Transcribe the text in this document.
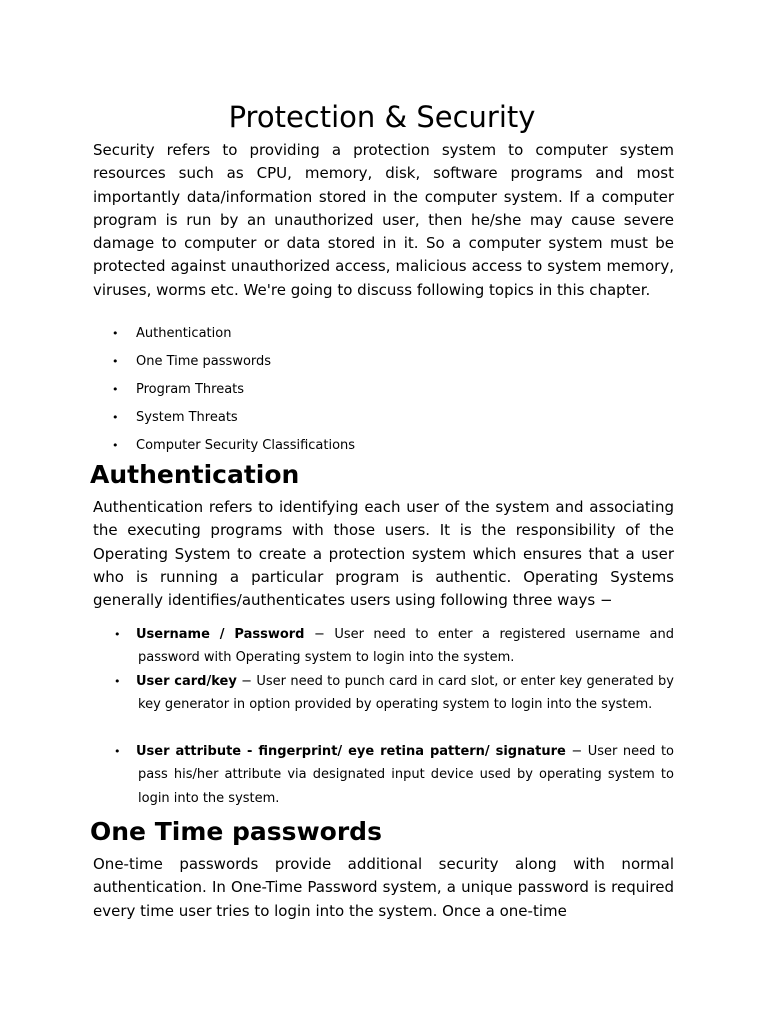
Protection & Security

Security refers to providing a protection system to computer system resources such as CPU, memory, disk, software programs and most importantly data/information stored in the computer system. If a computer program is run by an unauthorized user, then he/she may cause severe damage to computer or data stored in it. So a computer system must be protected against unauthorized access, malicious access to system memory, viruses, worms etc. We're going to discuss following topics in this chapter.

• Authentication
• One Time passwords
• Program Threats
• System Threats
• Computer Security Classifications
Authentication

Authentication refers to identifying each user of the system and associating the executing programs with those users. It is the responsibility of the Operating System to create a protection system which ensures that a user who is running a particular program is authentic. Operating Systems generally identifies/authenticates users using following three ways −

• Username / Password − User need to enter a registered username and password with Operating system to login into the system.
• User card/key − User need to punch card in card slot, or enter key generated by key generator in option provided by operating system to login into the system.
• User attribute - fingerprint/ eye retina pattern/ signature − User need to pass his/her attribute via designated input device used by operating system to login into the system.
One Time passwords

One-time passwords provide additional security along with normal authentication. In One-Time Password system, a unique password is required every time user tries to login into the system. Once a one-time
